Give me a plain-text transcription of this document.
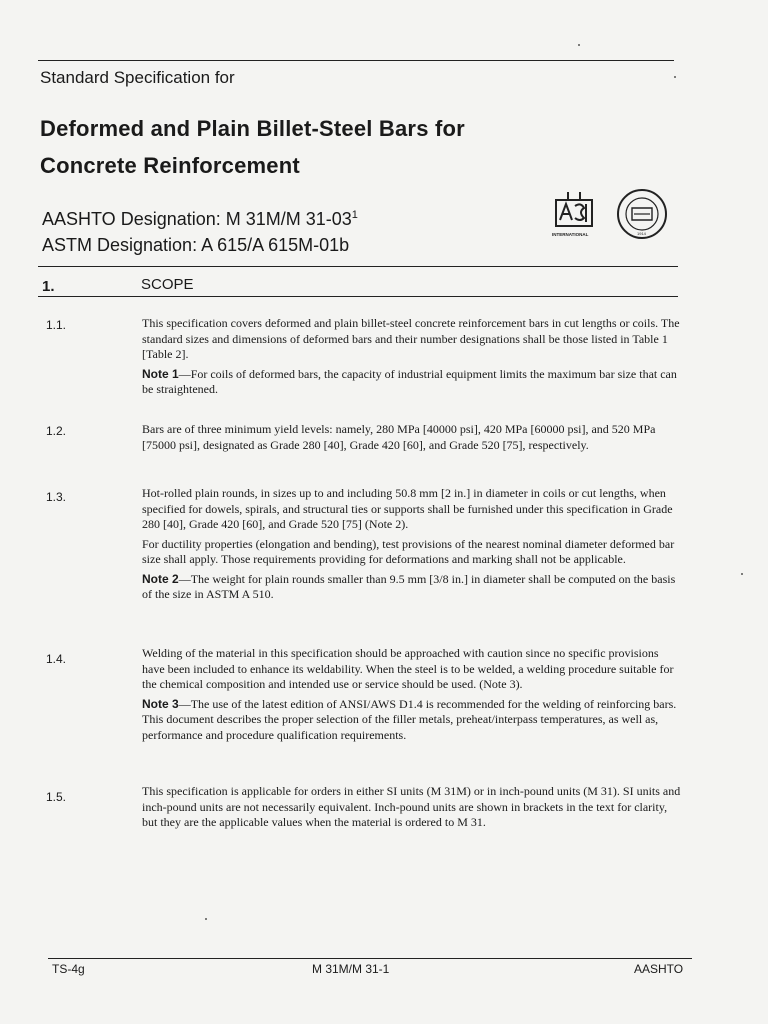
Standard Specification for
Deformed and Plain Billet-Steel Bars for
Concrete Reinforcement
AASHTO Designation: M 31M/M $31-03^1$
ASTM Designation: A 615/A 615M-01b
INTERNATIONAL	1914
1.	SCOPE
1.1.	This specification covers deformed and plain billet-steel concrete reinforcement bars in cut lengths or coils. The standard sizes and dimensions of deformed bars and their number designations shall be those listed in Table 1 [Table 2].

Note 1—For coils of deformed bars, the capacity of industrial equipment limits the maximum bar size that can be straightened.

1.2.	Bars are of three minimum yield levels: namely, 280 MPa [40000 psi], 420 MPa [60000 psi], and 520 MPa [75000 psi], designated as Grade 280 [40], Grade 420 [60], and Grade 520 [75], respectively.

1.3.	Hot-rolled plain rounds, in sizes up to and including 50.8 mm [2 in.] in diameter in coils or cut lengths, when specified for dowels, spirals, and structural ties or supports shall be furnished under this specification in Grade 280 [40], Grade 420 [60], and Grade 520 [75] (Note 2).

For ductility properties (elongation and bending), test provisions of the nearest nominal diameter deformed bar size shall apply. Those requirements providing for deformations and marking shall not be applicable.

Note 2—The weight for plain rounds smaller than 9.5 mm [3/8 in.] in diameter shall be computed on the basis of the size in ASTM A 510.

1.4.	Welding of the material in this specification should be approached with caution since no specific provisions have been included to enhance its weldability. When the steel is to be welded, a welding procedure suitable for the chemical composition and intended use or service should be used. (Note 3).

Note 3—The use of the latest edition of ANSI/AWS D1.4 is recommended for the welding of reinforcing bars. This document describes the proper selection of the filler metals, preheat/interpass temperatures, as well as, performance and procedure qualification requirements.

1.5.	This specification is applicable for orders in either SI units (M 31M) or in inch-pound units (M 31). SI units and inch-pound units are not necessarily equivalent. Inch-pound units are shown in brackets in the text for clarity, but they are the applicable values when the material is ordered to M 31.

TS-4g	M 31M/M 31-1	AASHTO
